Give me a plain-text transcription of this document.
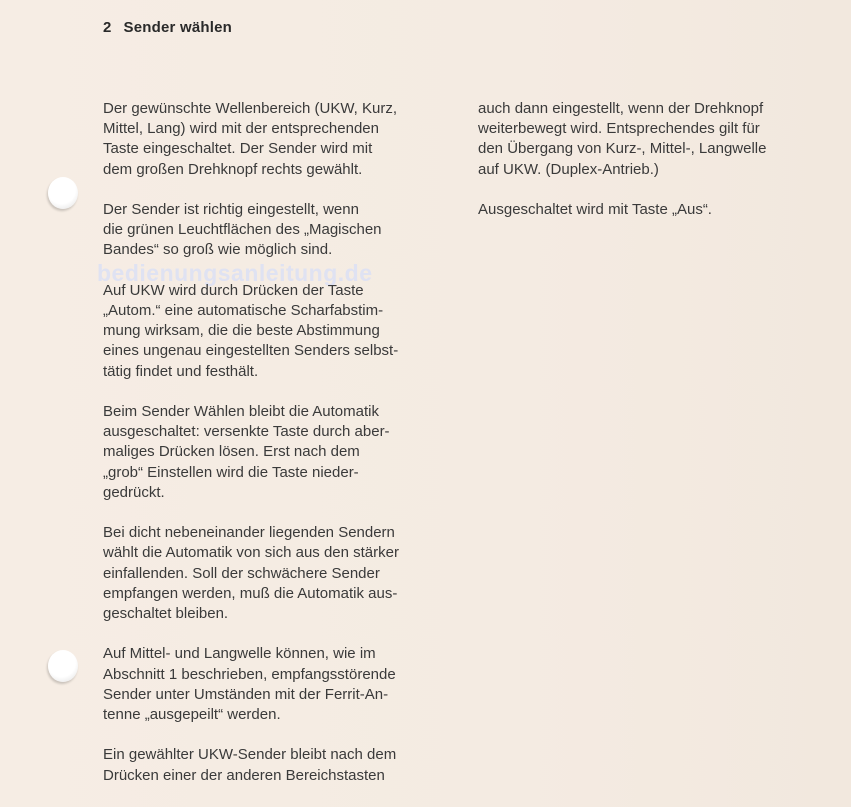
2 Sender wählen
bedienungsanleitung.de

Der gewünschte Wellenbereich (UKW, Kurz,
Mittel, Lang) wird mit der entsprechenden
Taste eingeschaltet. Der Sender wird mit
dem großen Drehknopf rechts gewählt.

Der Sender ist richtig eingestellt, wenn
die grünen Leuchtflächen des „Magischen
Bandes“ so groß wie möglich sind.

Auf UKW wird durch Drücken der Taste
„Autom.“ eine automatische Scharfabstim-
mung wirksam, die die beste Abstimmung
eines ungenau eingestellten Senders selbst-
tätig findet und festhält.

Beim Sender Wählen bleibt die Automatik
ausgeschaltet: versenkte Taste durch aber-
maliges Drücken lösen. Erst nach dem
„grob“ Einstellen wird die Taste nieder-
gedrückt.

Bei dicht nebeneinander liegenden Sendern
wählt die Automatik von sich aus den stärker
einfallenden. Soll der schwächere Sender
empfangen werden, muß die Automatik aus-
geschaltet bleiben.

Auf Mittel- und Langwelle können, wie im
Abschnitt 1 beschrieben, empfangsstörende
Sender unter Umständen mit der Ferrit-An-
tenne „ausgepeilt“ werden.

Ein gewählter UKW-Sender bleibt nach dem
Drücken einer der anderen Bereichstasten

auch dann eingestellt, wenn der Drehknopf
weiterbewegt wird. Entsprechendes gilt für
den Übergang von Kurz-, Mittel-, Langwelle
auf UKW. (Duplex-Antrieb.)

Ausgeschaltet wird mit Taste „Aus“.
